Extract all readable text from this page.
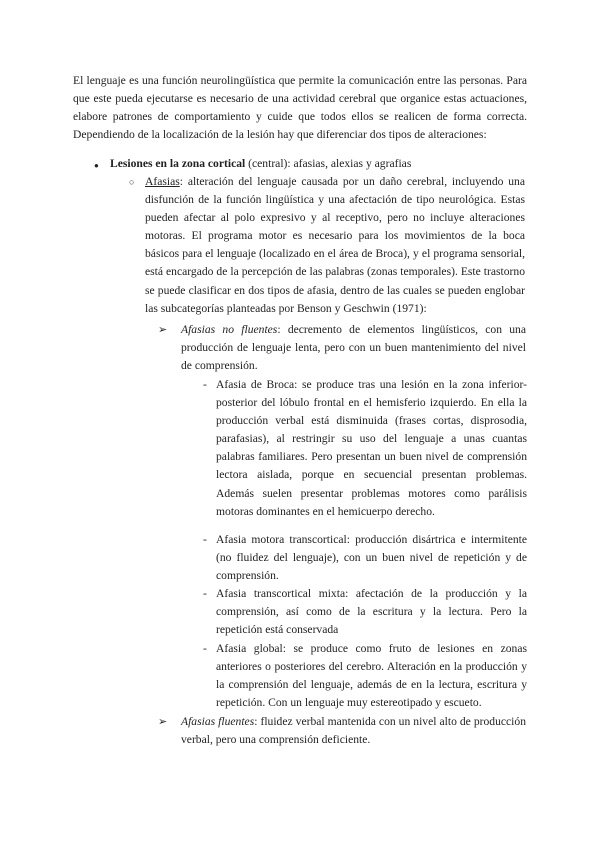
El lenguaje es una función neurolingüística que permite la comunicación entre las personas. Para que este pueda ejecutarse es necesario de una actividad cerebral que organice estas actuaciones, elabore patrones de comportamiento y cuide que todos ellos se realicen de forma correcta. Dependiendo de la localización de la lesión hay que diferenciar dos tipos de alteraciones:

● Lesiones en la zona cortical (central): afasias, alexias y agrafias

○ Afasias: alteración del lenguaje causada por un daño cerebral, incluyendo una disfunción de la función lingüística y una afectación de tipo neurológica. Estas pueden afectar al polo expresivo y al receptivo, pero no incluye alteraciones motoras. El programa motor es necesario para los movimientos de la boca básicos para el lenguaje (localizado en el área de Broca), y el programa sensorial, está encargado de la percepción de las palabras (zonas temporales). Este trastorno se puede clasificar en dos tipos de afasia, dentro de las cuales se pueden englobar las subcategorías planteadas por Benson y Geschwin (1971):

➢ Afasias no fluentes: decremento de elementos lingüísticos, con una producción de lenguaje lenta, pero con un buen mantenimiento del nivel de comprensión.

- Afasia de Broca: se produce tras una lesión en la zona inferior-posterior del lóbulo frontal en el hemisferio izquierdo. En ella la producción verbal está disminuida (frases cortas, disprosodia, parafasias), al restringir su uso del lenguaje a unas cuantas palabras familiares. Pero presentan un buen nivel de comprensión lectora aislada, porque en secuencial presentan problemas. Además suelen presentar problemas motores como parálisis motoras dominantes en el hemicuerpo derecho.

- Afasia motora transcortical: producción disártrica e intermitente (no fluidez del lenguaje), con un buen nivel de repetición y de comprensión.

- Afasia transcortical mixta: afectación de la producción y la comprensión, así como de la escritura y la lectura. Pero la repetición está conservada

- Afasia global: se produce como fruto de lesiones en zonas anteriores o posteriores del cerebro. Alteración en la producción y la comprensión del lenguaje, además de en la lectura, escritura y repetición. Con un lenguaje muy estereotipado y escueto.

➢ Afasias fluentes: fluidez verbal mantenida con un nivel alto de producción verbal, pero una comprensión deficiente.
